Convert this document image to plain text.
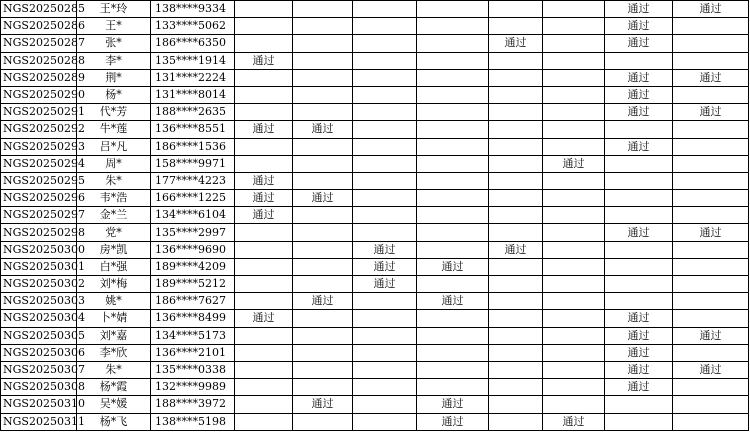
NGS20250285	王*玲	138****9334							通过	通过
NGS20250286	王*	133****5062							通过	
NGS20250287	张*	186****6350					通过		通过	
NGS20250288	李*	135****1914	通过							
NGS20250289	荆*	131****2224							通过	通过
NGS20250290	杨*	131****8014							通过	
NGS20250291	代*芳	188****2635							通过	通过
NGS20250292	牛*莲	136****8551	通过	通过						
NGS20250293	吕*凡	186****1536							通过	
NGS20250294	周*	158****9971						通过		
NGS20250295	朱*	177****4223	通过							
NGS20250296	韦*浩	166****1225	通过	通过						
NGS20250297	金*兰	134****6104	通过							
NGS20250298	党*	135****2997							通过	通过
NGS20250300	房*凯	136****9690			通过		通过			
NGS20250301	白*强	189****4209			通过	通过				
NGS20250302	刘*梅	189****5212			通过					
NGS20250303	姚*	186****7627		通过		通过				
NGS20250304	卜*婧	136****8499	通过						通过	
NGS20250305	刘*嘉	134****5173							通过	通过
NGS20250306	李*欣	136****2101							通过	
NGS20250307	朱*	135****0338							通过	通过
NGS20250308	杨*霞	132****9989							通过	
NGS20250310	吴*媛	188****3972		通过		通过				
NGS20250311	杨*飞	138****5198				通过		通过		
